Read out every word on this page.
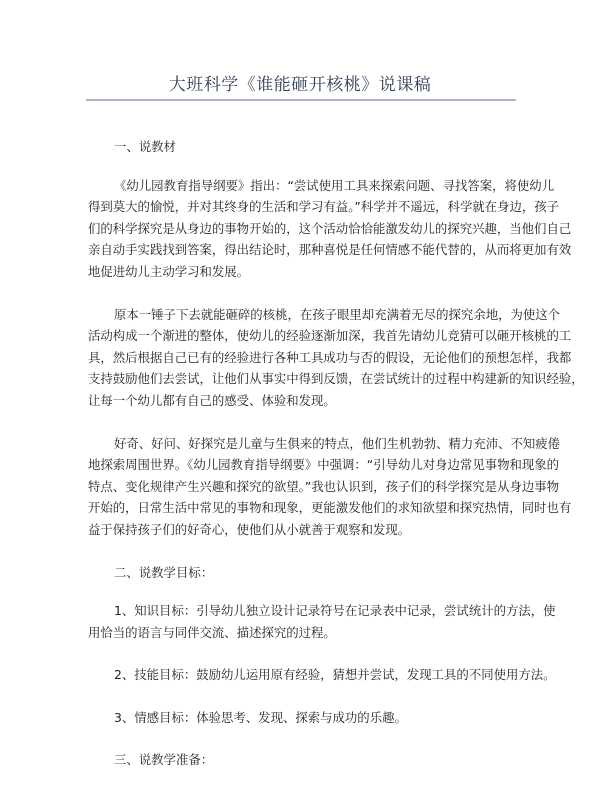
大班科学《谁能砸开核桃》说课稿
一、说教材
《幼儿园教育指导纲要》指出：“尝试使用工具来探索问题、寻找答案，将使幼儿
得到莫大的愉悦，并对其终身的生活和学习有益。”科学并不遥远，科学就在身边，孩子
们的科学探究是从身边的事物开始的，这个活动恰恰能激发幼儿的探究兴趣，当他们自己
亲自动手实践找到答案，得出结论时，那种喜悦是任何情感不能代替的，从而将更加有效
地促进幼儿主动学习和发展。
原本一锤子下去就能砸碎的核桃，在孩子眼里却充满着无尽的探究余地，为使这个
活动构成一个渐进的整体，使幼儿的经验逐渐加深，我首先请幼儿竞猜可以砸开核桃的工
具，然后根据自己已有的经验进行各种工具成功与否的假设，无论他们的预想怎样，我都
支持鼓励他们去尝试，让他们从事实中得到反馈，在尝试统计的过程中构建新的知识经验，
让每一个幼儿都有自己的感受、体验和发现。
好奇、好问、好探究是儿童与生俱来的特点，他们生机勃勃、精力充沛、不知疲倦
地探索周围世界。《幼儿园教育指导纲要》中强调：“引导幼儿对身边常见事物和现象的
特点、变化规律产生兴趣和探究的欲望。”我也认识到，孩子们的科学探究是从身边事物
开始的，日常生活中常见的事物和现象，更能激发他们的求知欲望和探究热情，同时也有
益于保持孩子们的好奇心，使他们从小就善于观察和发现。
二、说教学目标：
1、知识目标：引导幼儿独立设计记录符号在记录表中记录，尝试统计的方法，使
用恰当的语言与同伴交流、描述探究的过程。
2、技能目标：鼓励幼儿运用原有经验，猜想并尝试，发现工具的不同使用方法。
3、情感目标：体验思考、发现、探索与成功的乐趣。
三、说教学准备：
